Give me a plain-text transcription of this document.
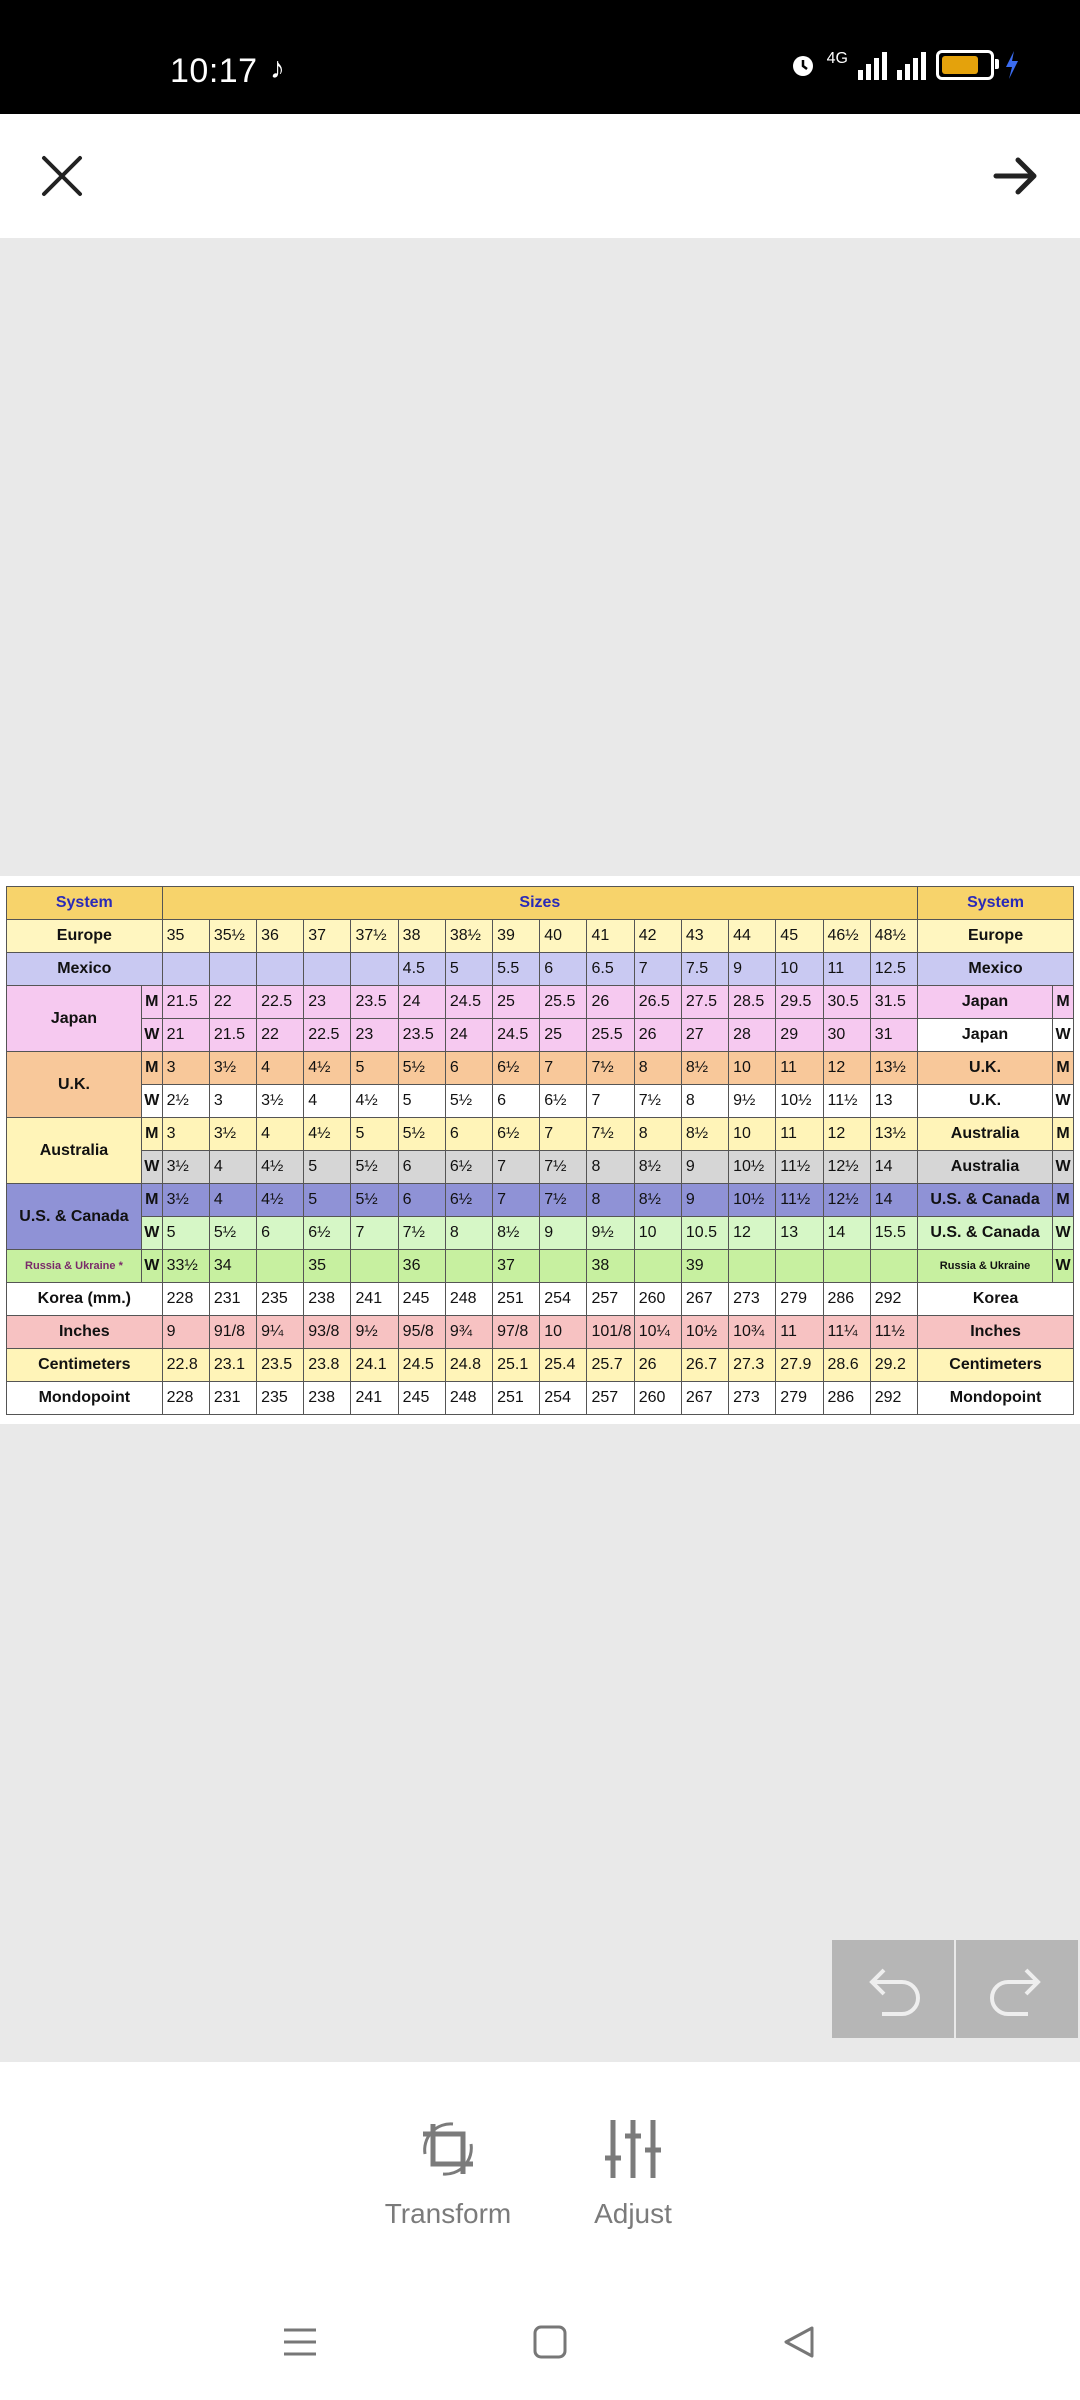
10:17 ♪	4G
System		Sizes																System	
Europe		35	35½	36	37	37½	38	38½	39	40	41	42	43	44	45	46½	48½	Europe	
Mexico							4.5	5	5.5	6	6.5	7	7.5	9	10	11	12.5	Mexico	
Japan	M	21.5	22	22.5	23	23.5	24	24.5	25	25.5	26	26.5	27.5	28.5	29.5	30.5	31.5	Japan	M
	W	21	21.5	22	22.5	23	23.5	24	24.5	25	25.5	26	27	28	29	30	31	Japan	W
U.K.	M	3	3½	4	4½	5	5½	6	6½	7	7½	8	8½	10	11	12	13½	U.K.	M
	W	2½	3	3½	4	4½	5	5½	6	6½	7	7½	8	9½	10½	11½	13	U.K.	W
Australia	M	3	3½	4	4½	5	5½	6	6½	7	7½	8	8½	10	11	12	13½	Australia	M
	W	3½	4	4½	5	5½	6	6½	7	7½	8	8½	9	10½	11½	12½	14	Australia	W
U.S. & Canada	M	3½	4	4½	5	5½	6	6½	7	7½	8	8½	9	10½	11½	12½	14	U.S. & Canada	M
	W	5	5½	6	6½	7	7½	8	8½	9	9½	10	10.5	12	13	14	15.5	U.S. & Canada	W
Russia & Ukraine *	W	33½	34		35		36		37		38		39					Russia & Ukraine	W
Korea (mm.)		228	231	235	238	241	245	248	251	254	257	260	267	273	279	286	292	Korea	
Inches		9	91/8	9¼	93/8	9½	95/8	9¾	97/8	10	101/8	10¼	10½	10¾	11	11¼	11½	Inches	
Centimeters		22.8	23.1	23.5	23.8	24.1	24.5	24.8	25.1	25.4	25.7	26	26.7	27.3	27.9	28.6	29.2	Centimeters	
Mondopoint		228	231	235	238	241	245	248	251	254	257	260	267	273	279	286	292	Mondopoint	
Transform	Adjust
